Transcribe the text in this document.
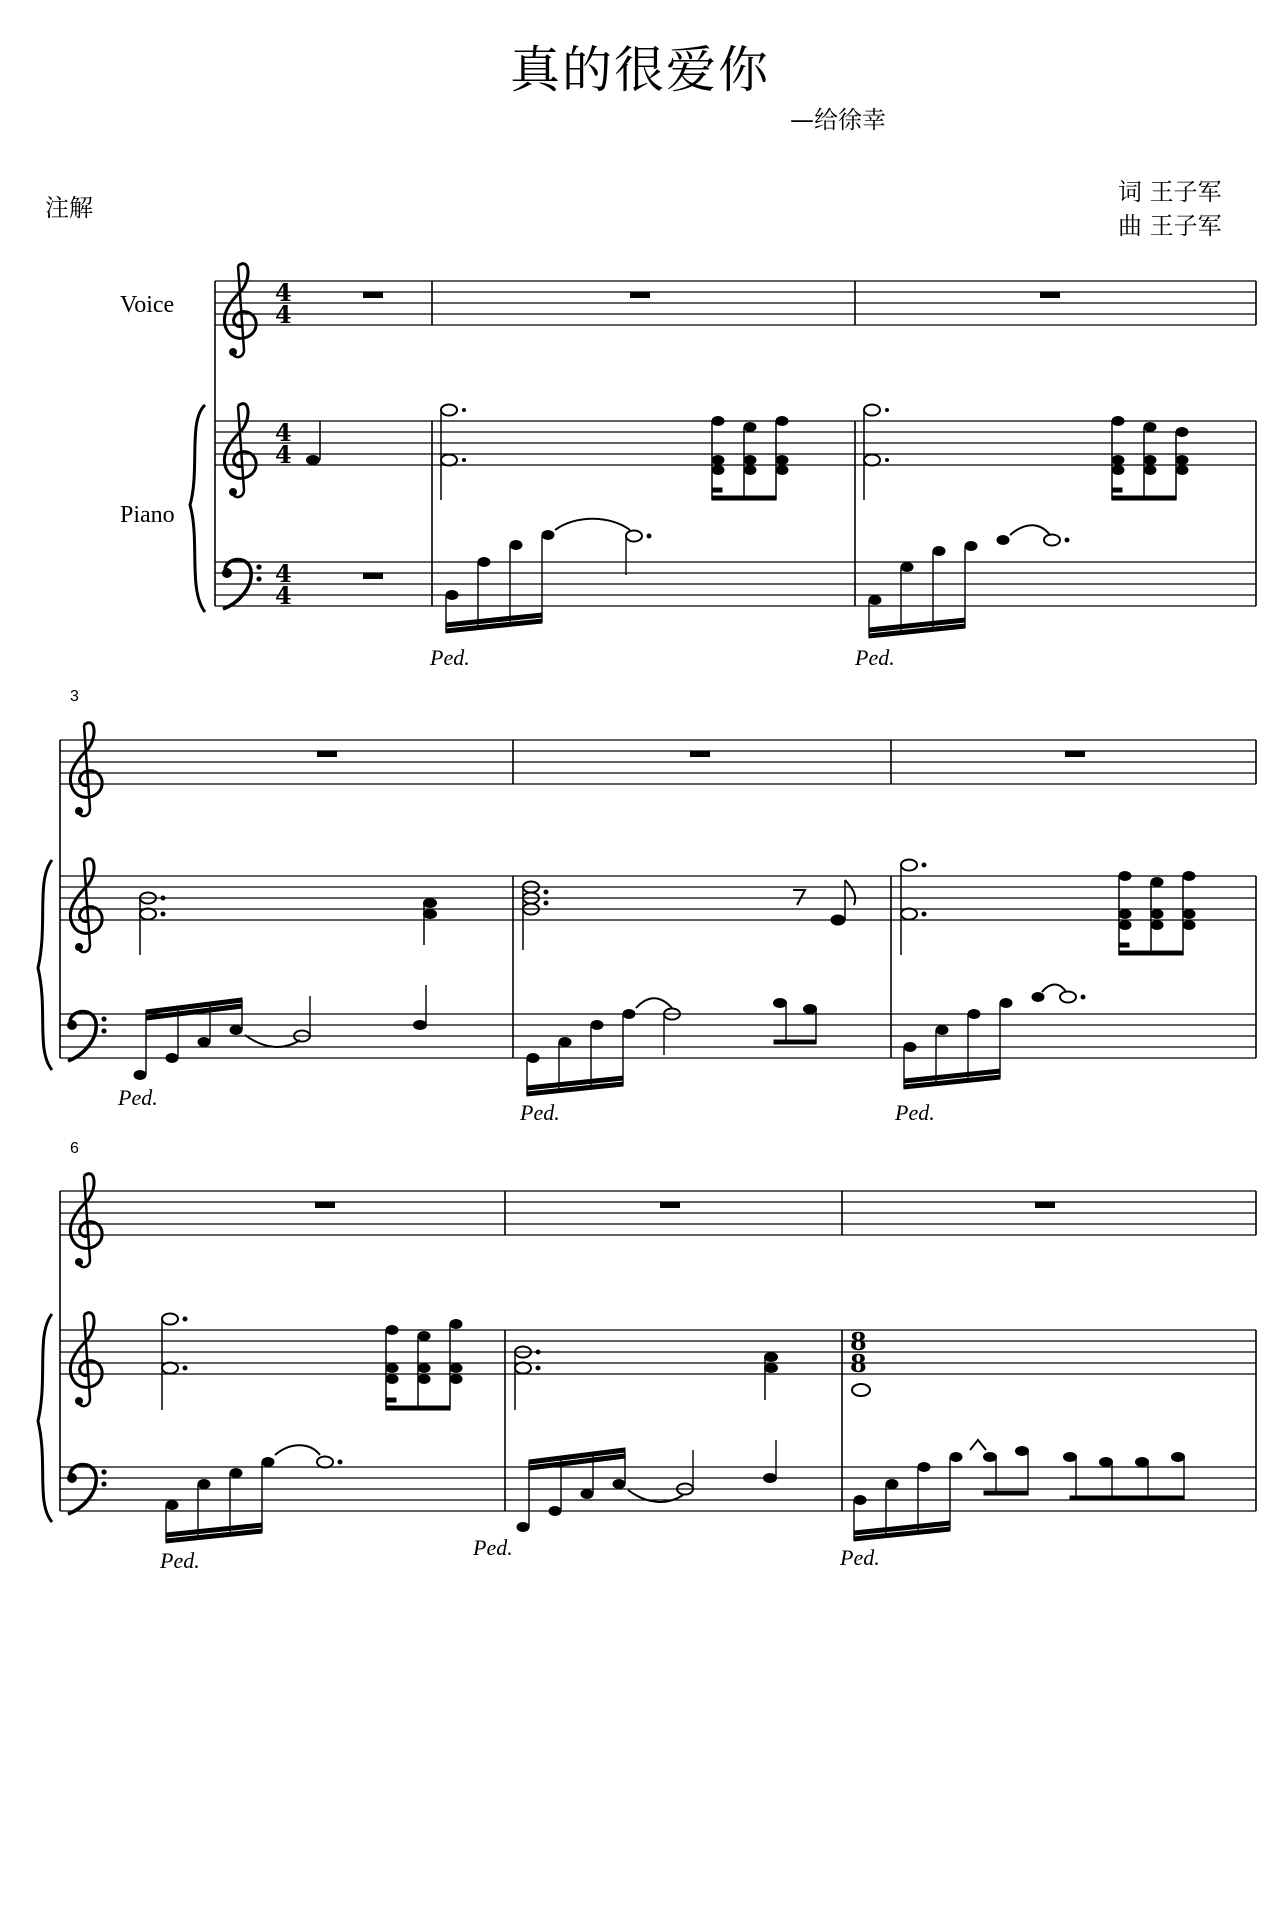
真的很爱你
—给徐幸
词 王子军
曲 王子军
注解
Voice
Piano
3
6
4
4
4
4
4
4
Ped.	Ped.
Ped.
Ped.	Ped.
8
8
Ped.
Ped.	Ped.
